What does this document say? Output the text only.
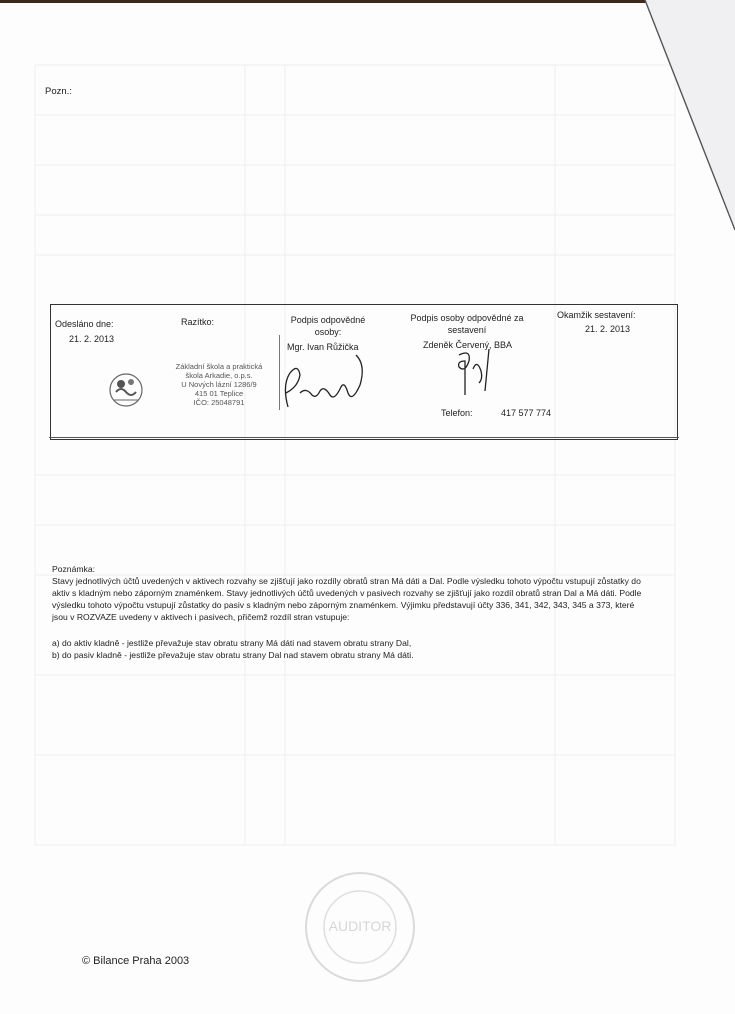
Pozn.:
Odesláno dne:
21. 2. 2013
Razítko:
Základní škola a praktická
škola Arkadie, o.p.s.
U Nových lázní 1286/9
415 01 Teplice
IČO: 25048791
Podpis odpovědné osoby:
Mgr. Ivan Růžička
Podpis osoby odpovědné za sestavení
Zdeněk Červený, BBA
Okamžik sestavení:
21. 2. 2013
Telefon:	417 577 774

Poznámka:

Stavy jednotlivých účtů uvedených v aktivech rozvahy se zjišťují jako rozdíly obratů stran Má dáti a Dal. Podle výsledku tohoto výpočtu vstupují zůstatky do aktiv s kladným nebo záporným znaménkem. Stavy jednotlivých účtů uvedených v pasivech rozvahy se zjišťují jako rozdíl obratů stran Dal a Má dáti. Podle výsledku tohoto výpočtu vstupují zůstatky do pasiv s kladným nebo záporným znaménkem. Výjimku představují účty 336, 341, 342, 343, 345 a 373, které jsou v ROZVAZE uvedeny v aktivech i pasivech, přičemž rozdíl stran vstupuje:

a) do aktiv kladně - jestliže převažuje stav obratu strany Má dáti nad stavem obratu strany Dal,

b) do pasiv kladně - jestliže převažuje stav obratu strany Dal nad stavem obratu strany Má dáti.

AUDITOR
© Bilance Praha 2003
